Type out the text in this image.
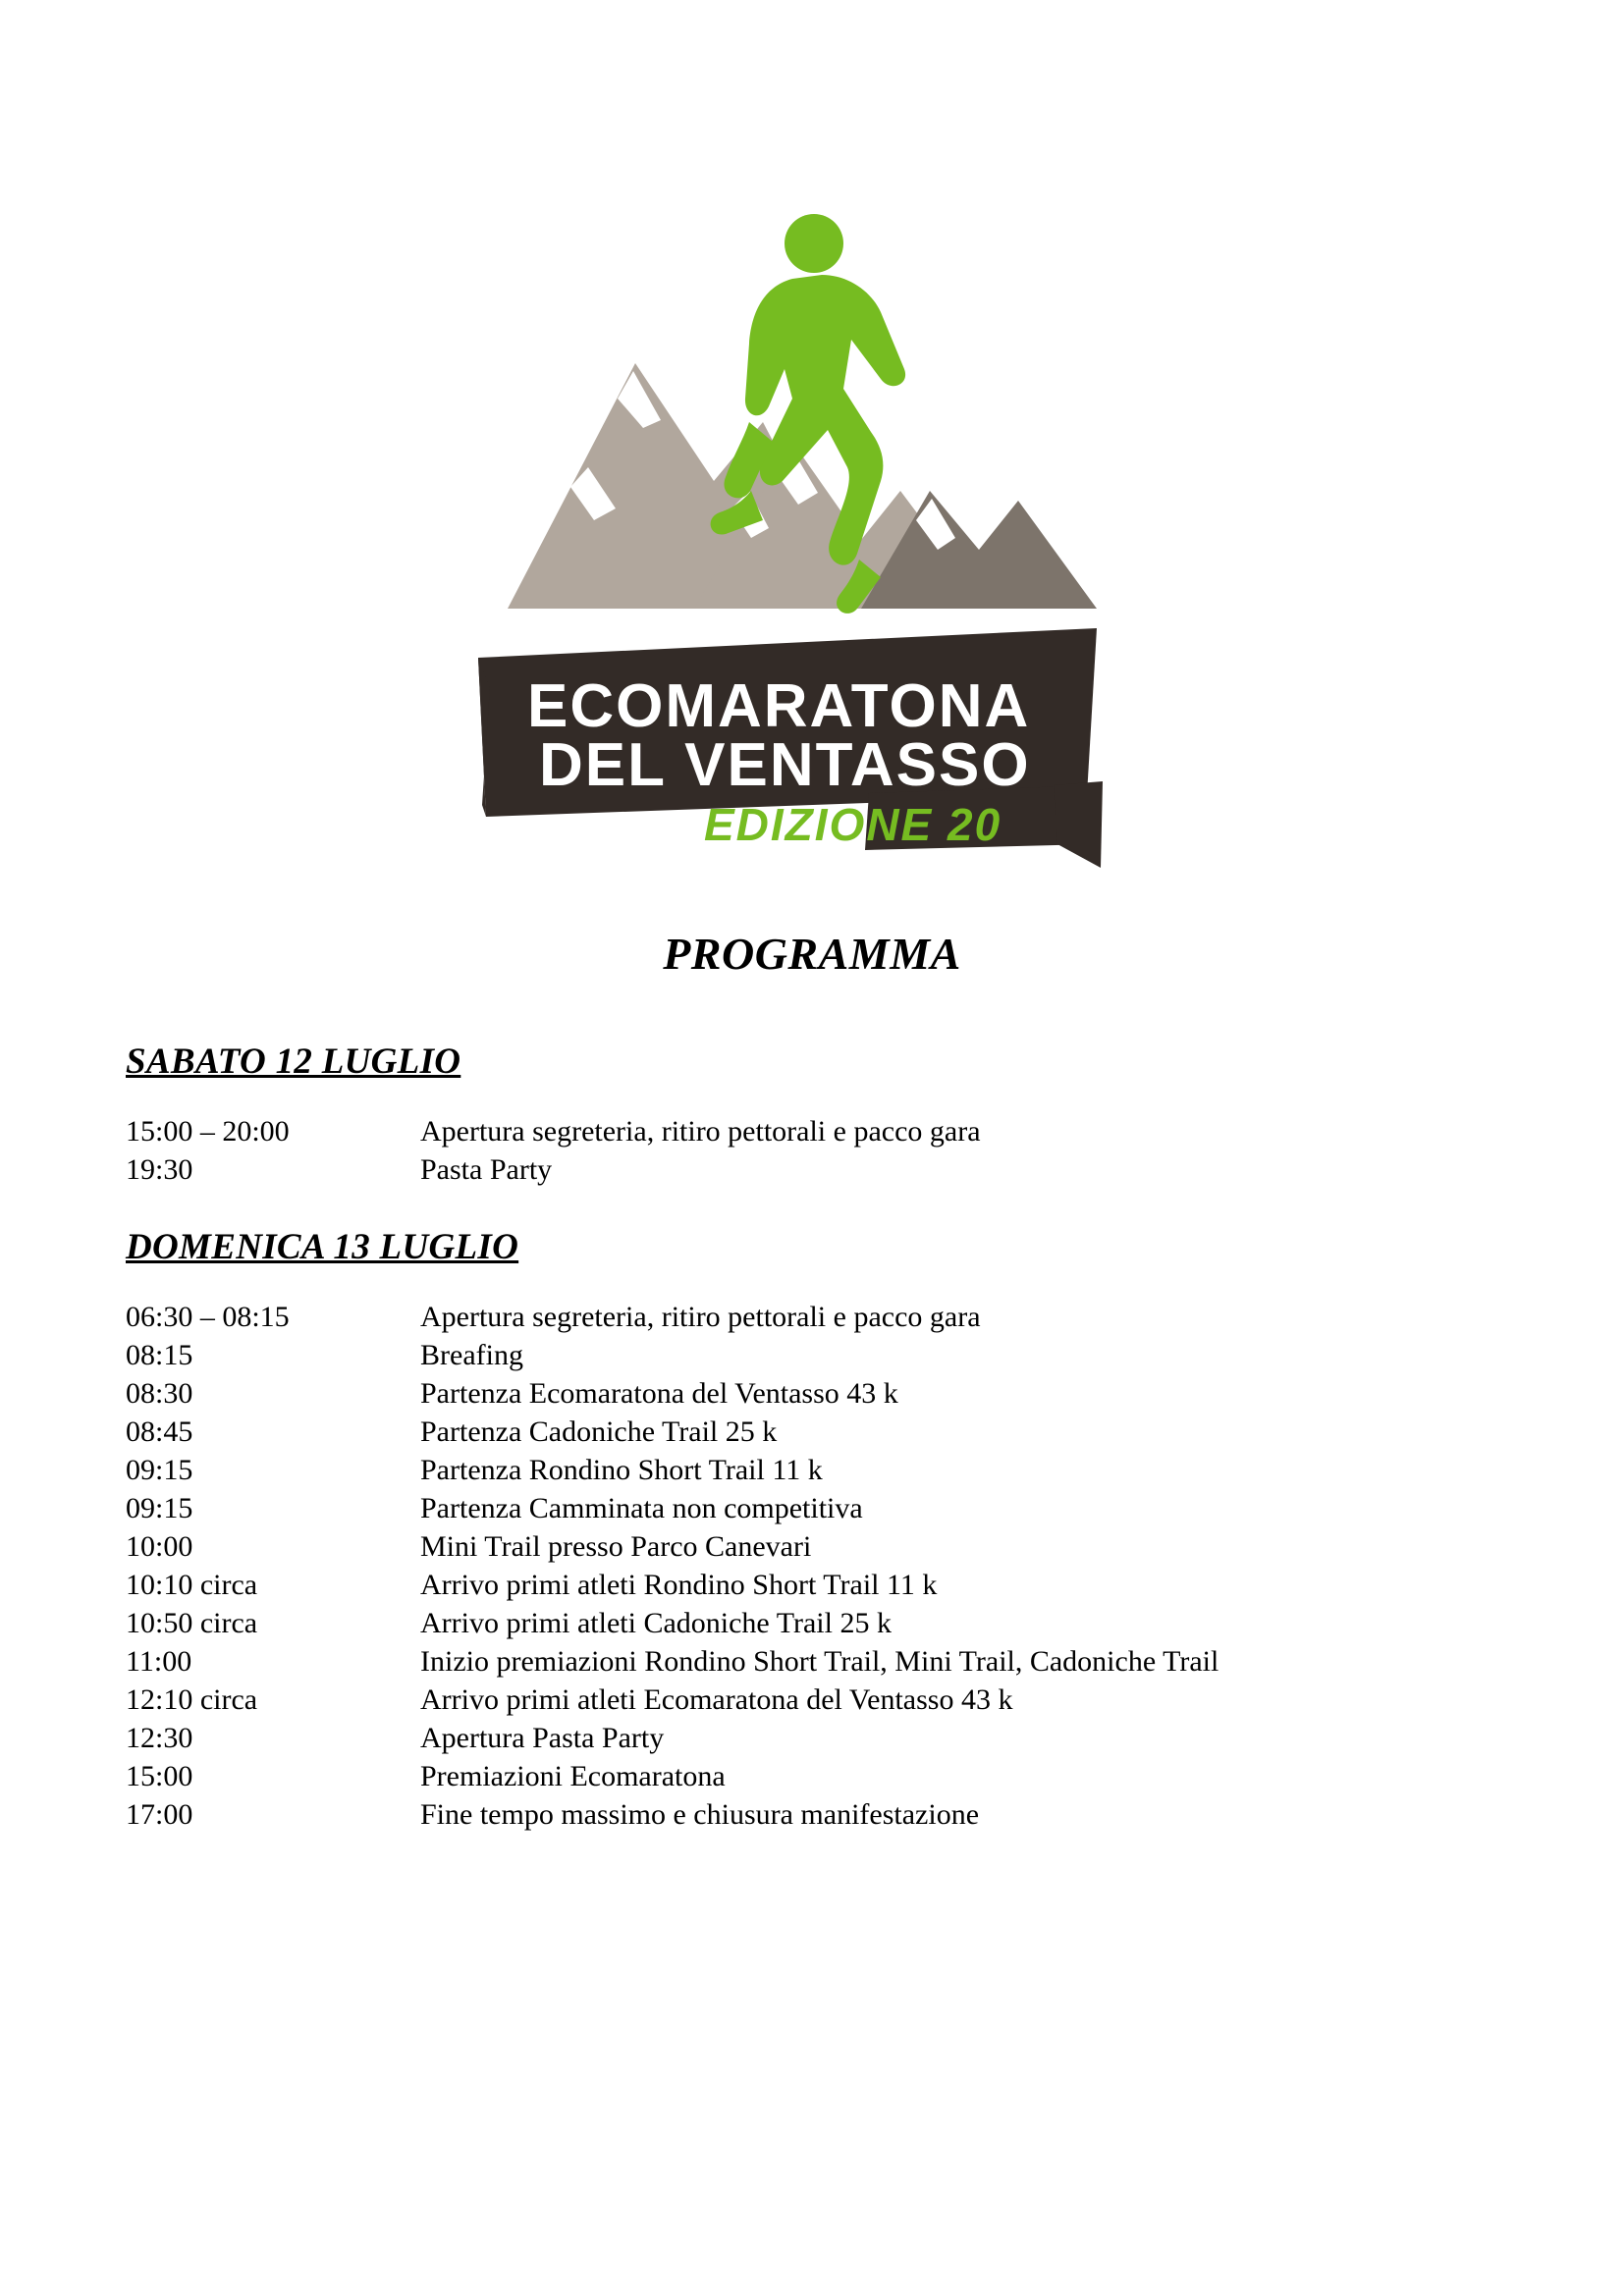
ECOMARATONA
DEL VENTASSO
EDIZIONE 20
PROGRAMMA
SABATO 12 LUGLIO
15:00 – 20:00	Apertura segreteria, ritiro pettorali e pacco gara
19:30	Pasta Party
DOMENICA 13 LUGLIO
06:30 – 08:15	Apertura segreteria, ritiro pettorali e pacco gara
08:15	Breafing
08:30	Partenza Ecomaratona del Ventasso 43 k
08:45	Partenza Cadoniche Trail 25 k
09:15	Partenza Rondino Short Trail 11 k
09:15	Partenza Camminata non competitiva
10:00	Mini Trail presso Parco Canevari
10:10 circa	Arrivo primi atleti Rondino Short Trail 11 k
10:50 circa	Arrivo primi atleti Cadoniche Trail 25 k
11:00	Inizio premiazioni Rondino Short Trail, Mini Trail, Cadoniche Trail
12:10 circa	Arrivo primi atleti Ecomaratona del Ventasso 43 k
12:30	Apertura Pasta Party
15:00	Premiazioni Ecomaratona
17:00	Fine tempo massimo e chiusura manifestazione
